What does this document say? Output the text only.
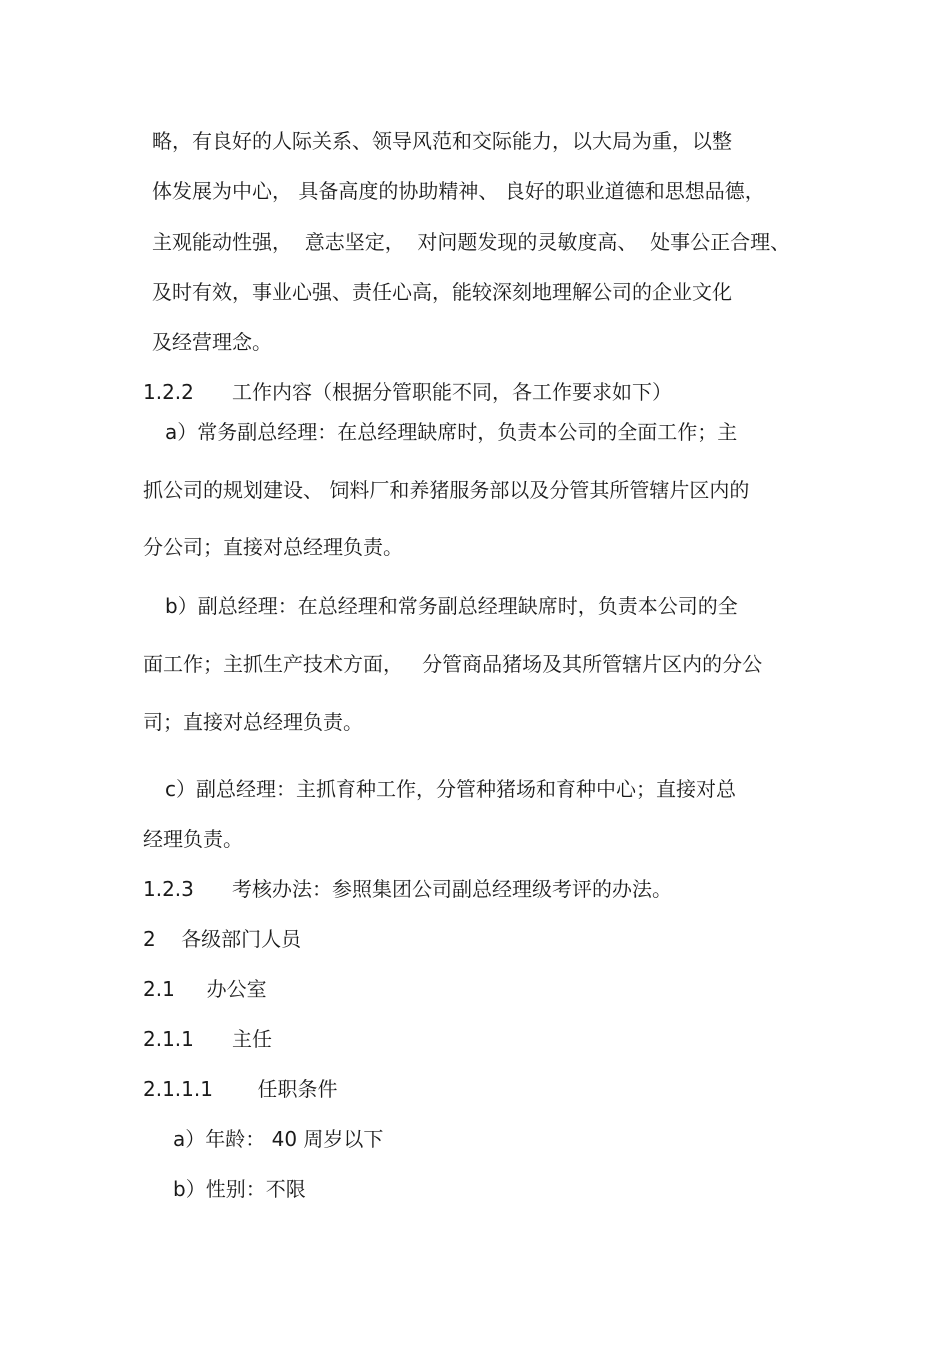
略，有良好的人际关系、领导风范和交际能力，以大局为重，以整
体发展为中心， 具备高度的协助精神、 良好的职业道德和思想品德，
主观能动性强，  意志坚定，  对问题发现的灵敏度高、  处事公正合理、
及时有效，事业心强、责任心高，能较深刻地理解公司的企业文化
及经营理念。
1.2.2      工作内容（根据分管职能不同，各工作要求如下）
a）常务副总经理：在总经理缺席时，负责本公司的全面工作；主
抓公司的规划建设、 饲料厂和养猪服务部以及分管其所管辖片区内的
分公司；直接对总经理负责。
b）副总经理：在总经理和常务副总经理缺席时，负责本公司的全
面工作；主抓生产技术方面，   分管商品猪场及其所管辖片区内的分公
司；直接对总经理负责。
c）副总经理：主抓育种工作，分管种猪场和育种中心；直接对总
经理负责。
1.2.3      考核办法：参照集团公司副总经理级考评的办法。
2    各级部门人员
2.1     办公室
2.1.1      主任
2.1.1.1       任职条件
a）年龄： 40 周岁以下
b）性别：不限
